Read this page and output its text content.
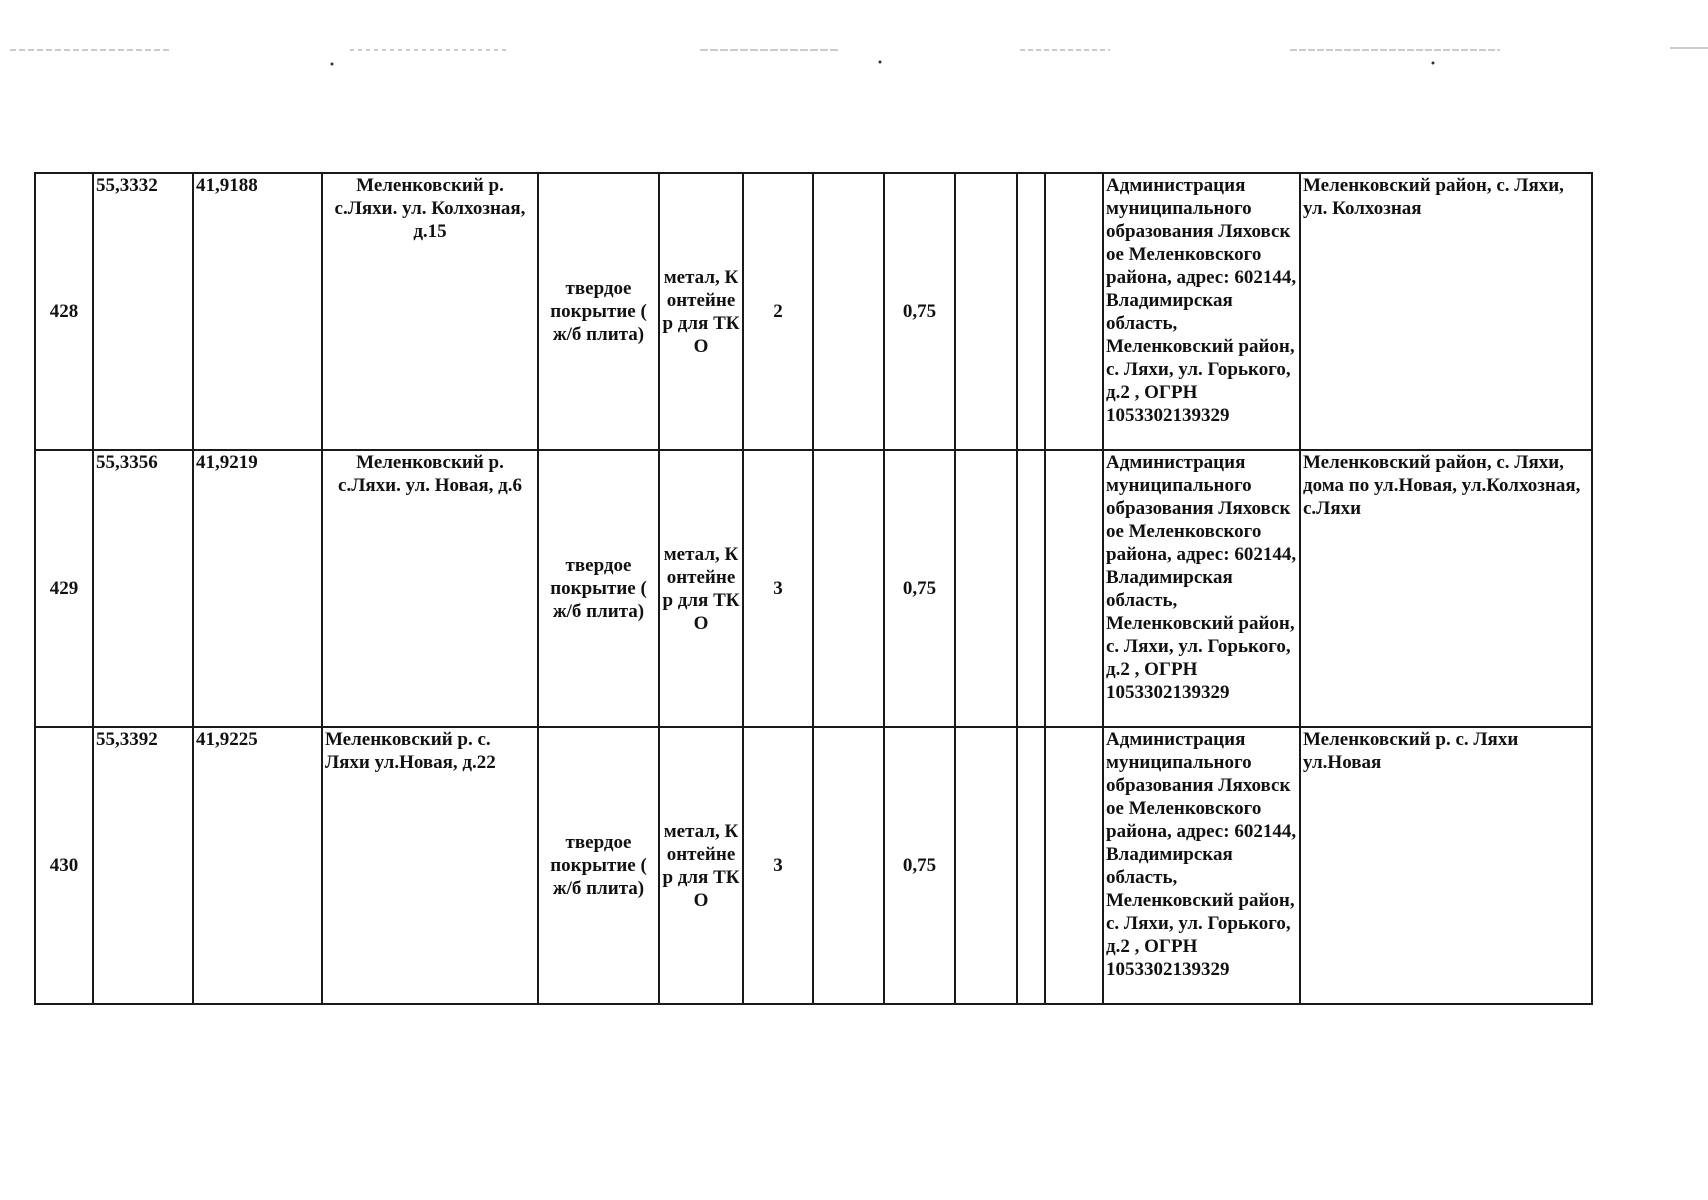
428	55,3332	41,9188	Меленковский р. с.Ляхи. ул. Колхозная, д.15	твердое покрытие ( ж/б плита)	метал, К онтейне р для ТКО	2		0,75				Администрация муниципального образования Ляховск ое Меленковского района, адрес: 602144, Владимирская область, Меленковский район, с. Ляхи, ул. Горького, д.2 , ОГРН 1053302139329	Меленковский район, с. Ляхи, ул. Колхозная
429	55,3356	41,9219	Меленковский р. с.Ляхи. ул. Новая, д.6	твердое покрытие ( ж/б плита)	метал, К онтейне р для ТКО	3		0,75				Администрация муниципального образования Ляховск ое Меленковского района, адрес: 602144, Владимирская область, Меленковский район, с. Ляхи, ул. Горького, д.2 , ОГРН 1053302139329	Меленковский район, с. Ляхи, дома по ул.Новая, ул.Колхозная, с.Ляхи
430	55,3392	41,9225	Меленковский р. с. Ляхи ул.Новая, д.22	твердое покрытие ( ж/б плита)	метал, К онтейне р для ТКО	3		0,75				Администрация муниципального образования Ляховск ое Меленковского района, адрес: 602144, Владимирская область, Меленковский район, с. Ляхи, ул. Горького, д.2 , ОГРН 1053302139329	Меленковский р. с. Ляхи ул.Новая
